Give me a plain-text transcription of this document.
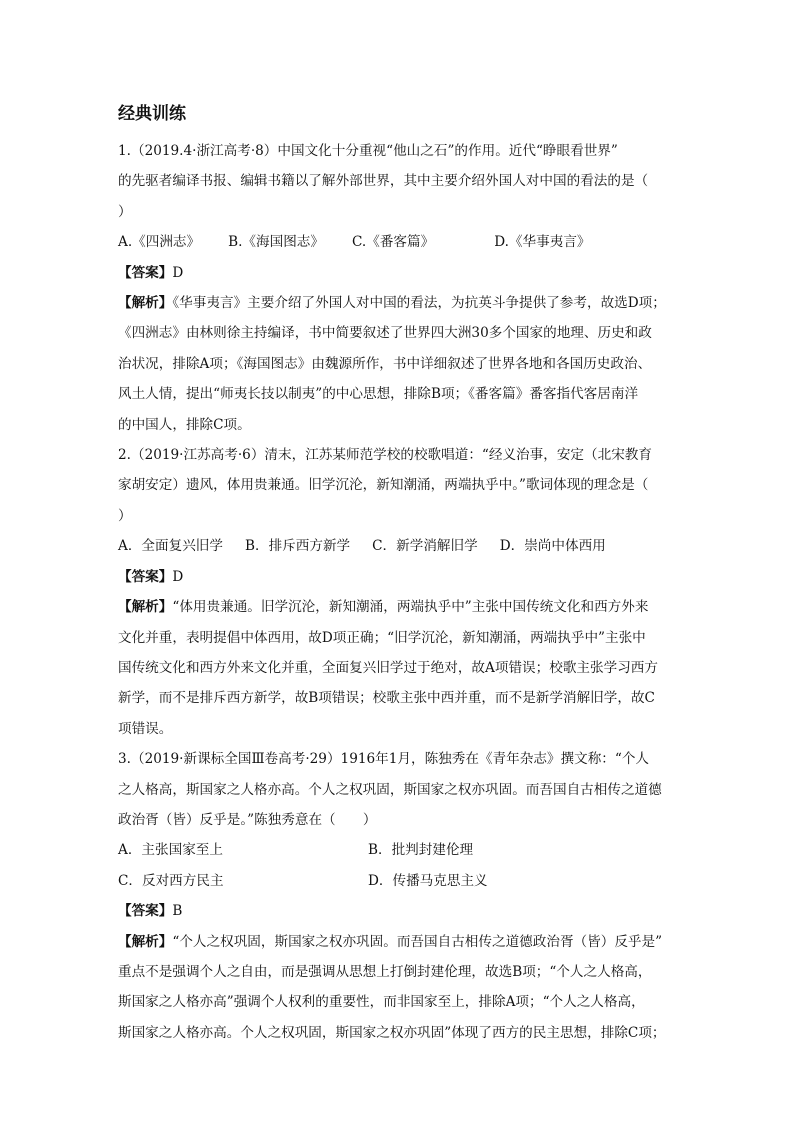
经典训练

1.（2019.4·浙江高考·8）中国文化十分重视“他山之石”的作用。近代“睁眼看世界”
的先驱者编译书报、编辑书籍以了解外部世界，其中主要介绍外国人对中国的看法的是（　　）

A.《四洲志》 B.《海国图志》 C.《番客篇》	D.《华事夷言》

【答案】D

【解析】《华事夷言》主要介绍了外国人对中国的看法，为抗英斗争提供了参考，故选D项；
《四洲志》由林则徐主持编译，书中简要叙述了世界四大洲30多个国家的地理、历史和政
治状况，排除A项；《海国图志》由魏源所作，书中详细叙述了世界各地和各国历史政治、
风土人情，提出“师夷长技以制夷”的中心思想，排除B项；《番客篇》番客指代客居南洋
的中国人，排除C项。

2.（2019·江苏高考·6）清末，江苏某师范学校的校歌唱道：“经义治事，安定（北宋教育
家胡安定）遗风，体用贵兼通。旧学沉沦，新知潮涌，两端执乎中。”歌词体现的理念是（　　）

A．全面复兴旧学 B．排斥西方新学 C．新学消解旧学 D．崇尚中体西用

【答案】D

【解析】“体用贵兼通。旧学沉沦，新知潮涌，两端执乎中”主张中国传统文化和西方外来
文化并重，表明提倡中体西用，故D项正确；“旧学沉沦，新知潮涌，两端执乎中”主张中
国传统文化和西方外来文化并重，全面复兴旧学过于绝对，故A项错误；校歌主张学习西方
新学，而不是排斥西方新学，故B项错误；校歌主张中西并重，而不是新学消解旧学，故C
项错误。

3.（2019·新课标全国Ⅲ卷高考·29）1916年1月，陈独秀在《青年杂志》撰文称：“个人
之人格高，斯国家之人格亦高。个人之权巩固，斯国家之权亦巩固。而吾国自古相传之道德
政治胥（皆）反乎是。”陈独秀意在（　　）

A．主张国家至上	B．批判封建伦理
C．反对西方民主	D．传播马克思主义

【答案】B

【解析】“个人之权巩固，斯国家之权亦巩固。而吾国自古相传之道德政治胥（皆）反乎是”
重点不是强调个人之自由，而是强调从思想上打倒封建伦理，故选B项；“个人之人格高，
斯国家之人格亦高”强调个人权利的重要性，而非国家至上，排除A项；“个人之人格高，
斯国家之人格亦高。个人之权巩固，斯国家之权亦巩固”体现了西方的民主思想，排除C项；
